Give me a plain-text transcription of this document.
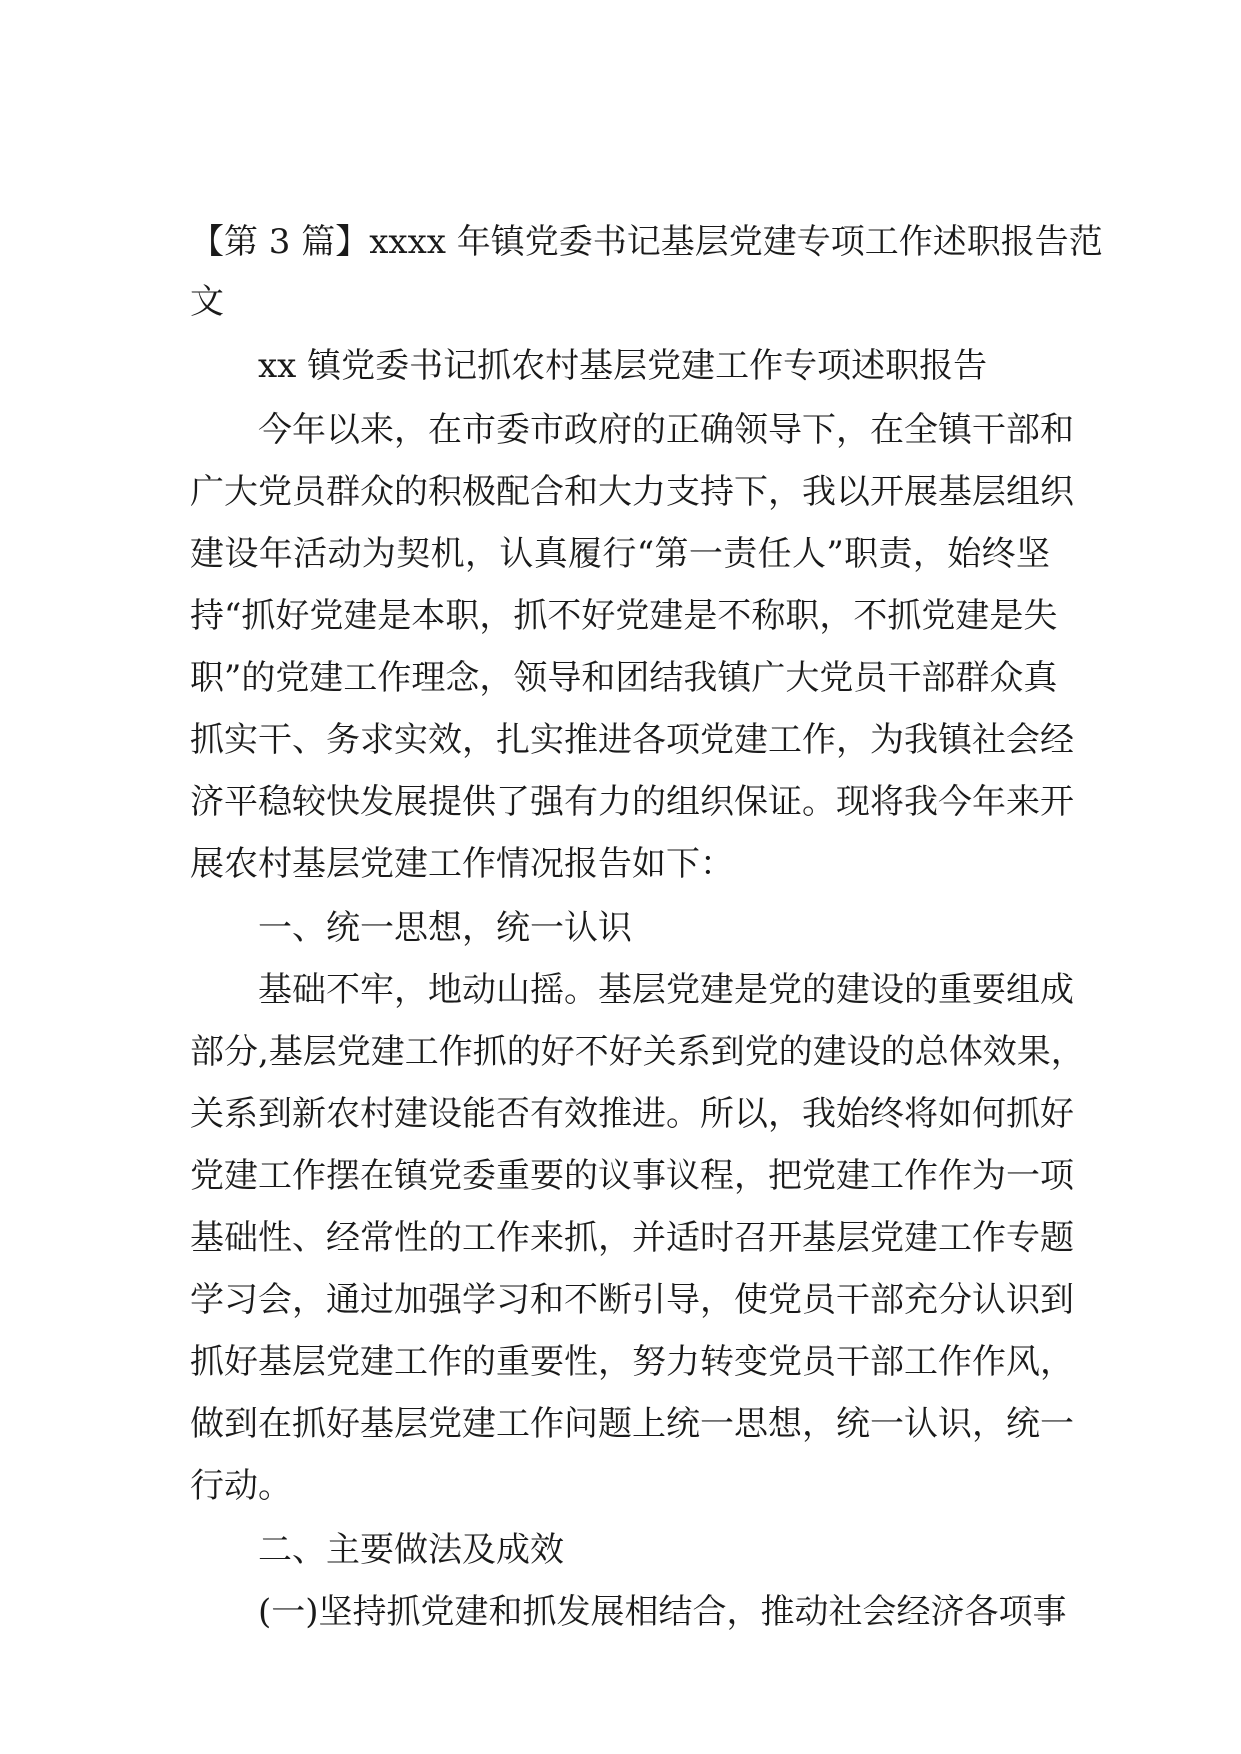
【第 3 篇】xxxx 年镇党委书记基层党建专项工作述职报告范
文
xx 镇党委书记抓农村基层党建工作专项述职报告
今年以来，在市委市政府的正确领导下，在全镇干部和
广大党员群众的积极配合和大力支持下，我以开展基层组织
建设年活动为契机，认真履行“第一责任人”职责，始终坚
持“抓好党建是本职，抓不好党建是不称职，不抓党建是失
职”的党建工作理念，领导和团结我镇广大党员干部群众真
抓实干、务求实效，扎实推进各项党建工作，为我镇社会经
济平稳较快发展提供了强有力的组织保证。现将我今年来开
展农村基层党建工作情况报告如下：
一、统一思想，统一认识
基础不牢，地动山摇。基层党建是党的建设的重要组成
部分,基层党建工作抓的好不好关系到党的建设的总体效果，
关系到新农村建设能否有效推进。所以，我始终将如何抓好
党建工作摆在镇党委重要的议事议程，把党建工作作为一项
基础性、经常性的工作来抓，并适时召开基层党建工作专题
学习会，通过加强学习和不断引导，使党员干部充分认识到
抓好基层党建工作的重要性，努力转变党员干部工作作风，
做到在抓好基层党建工作问题上统一思想，统一认识，统一
行动。
二、主要做法及成效
(一)坚持抓党建和抓发展相结合，推动社会经济各项事
